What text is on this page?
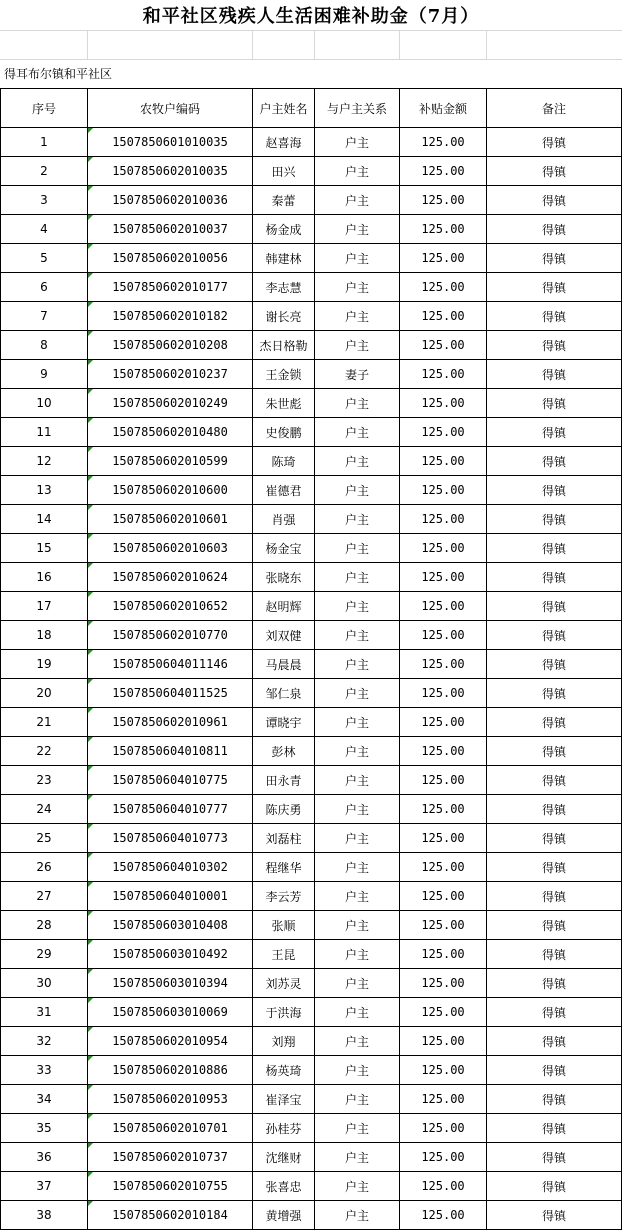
和平社区残疾人生活困难补助金（7月）
得耳布尔镇和平社区
序号	农牧户编码	户主姓名	与户主关系	补贴金额	备注
1	1507850601010035	赵喜海	户主	125.00	得镇
2	1507850602010035	田兴	户主	125.00	得镇
3	1507850602010036	秦蕾	户主	125.00	得镇
4	1507850602010037	杨金成	户主	125.00	得镇
5	1507850602010056	韩建林	户主	125.00	得镇
6	1507850602010177	李志慧	户主	125.00	得镇
7	1507850602010182	谢长亮	户主	125.00	得镇
8	1507850602010208	杰日格勒	户主	125.00	得镇
9	1507850602010237	王金锁	妻子	125.00	得镇
10	1507850602010249	朱世彪	户主	125.00	得镇
11	1507850602010480	史俊鹏	户主	125.00	得镇
12	1507850602010599	陈琦	户主	125.00	得镇
13	1507850602010600	崔德君	户主	125.00	得镇
14	1507850602010601	肖强	户主	125.00	得镇
15	1507850602010603	杨金宝	户主	125.00	得镇
16	1507850602010624	张晓东	户主	125.00	得镇
17	1507850602010652	赵明辉	户主	125.00	得镇
18	1507850602010770	刘双健	户主	125.00	得镇
19	1507850604011146	马晨晨	户主	125.00	得镇
20	1507850604011525	邹仁泉	户主	125.00	得镇
21	1507850602010961	谭晓宇	户主	125.00	得镇
22	1507850604010811	彭林	户主	125.00	得镇
23	1507850604010775	田永青	户主	125.00	得镇
24	1507850604010777	陈庆勇	户主	125.00	得镇
25	1507850604010773	刘磊柱	户主	125.00	得镇
26	1507850604010302	程继华	户主	125.00	得镇
27	1507850604010001	李云芳	户主	125.00	得镇
28	1507850603010408	张顺	户主	125.00	得镇
29	1507850603010492	王昆	户主	125.00	得镇
30	1507850603010394	刘苏灵	户主	125.00	得镇
31	1507850603010069	于洪海	户主	125.00	得镇
32	1507850602010954	刘翔	户主	125.00	得镇
33	1507850602010886	杨英琦	户主	125.00	得镇
34	1507850602010953	崔泽宝	户主	125.00	得镇
35	1507850602010701	孙桂芬	户主	125.00	得镇
36	1507850602010737	沈继财	户主	125.00	得镇
37	1507850602010755	张喜忠	户主	125.00	得镇
38	1507850602010184	黄增强	户主	125.00	得镇
